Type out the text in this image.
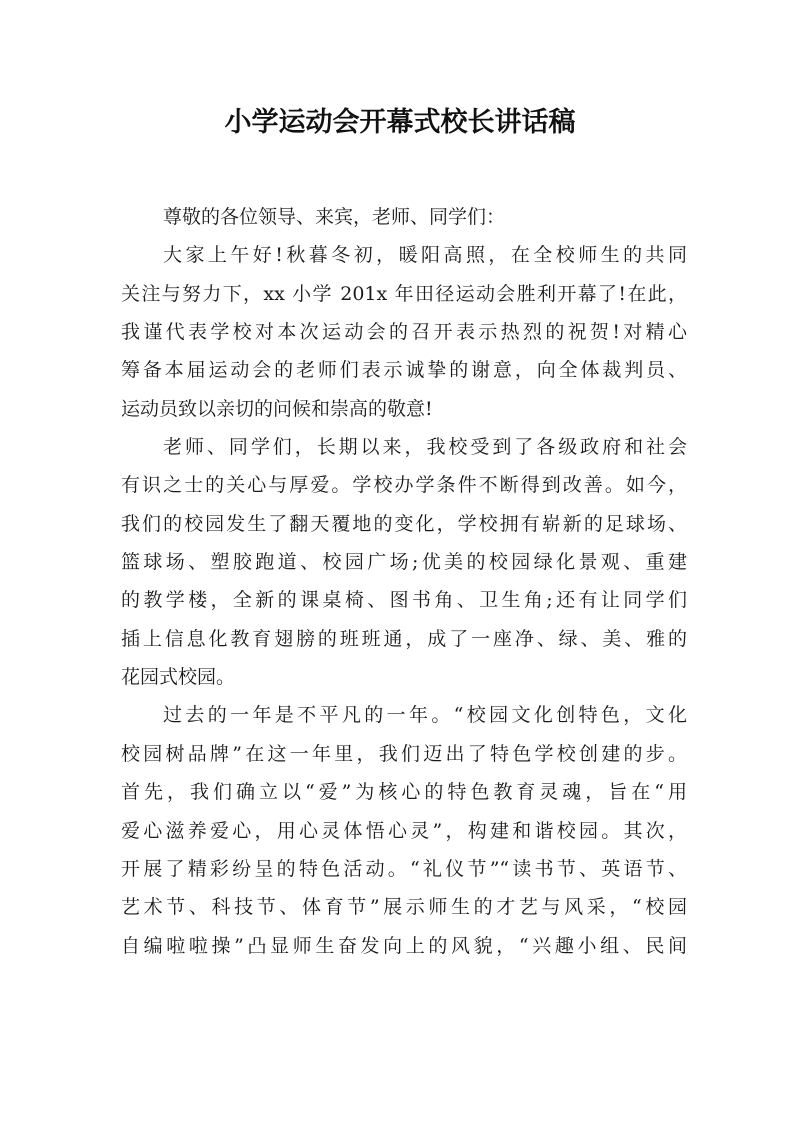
小学运动会开幕式校长讲话稿
尊敬的各位领导、来宾，老师、同学们：
大家上午好!秋暮冬初，暖阳高照，在全校师生的共同
关注与努力下，xx 小学 201x 年田径运动会胜利开幕了!在此，
我谨代表学校对本次运动会的召开表示热烈的祝贺!对精心
筹备本届运动会的老师们表示诚挚的谢意，向全体裁判员、
运动员致以亲切的问候和崇高的敬意!
老师、同学们，长期以来，我校受到了各级政府和社会
有识之士的关心与厚爱。学校办学条件不断得到改善。如今，
我们的校园发生了翻天覆地的变化，学校拥有崭新的足球场、
篮球场、塑胶跑道、校园广场;优美的校园绿化景观、重建
的教学楼，全新的课桌椅、图书角、卫生角;还有让同学们
插上信息化教育翅膀的班班通，成了一座净、绿、美、雅的
花园式校园。
过去的一年是不平凡的一年。“校园文化创特色，文化
校园树品牌”在这一年里，我们迈出了特色学校创建的步。
首先，我们确立以“爱”为核心的特色教育灵魂，旨在“用
爱心滋养爱心，用心灵体悟心灵”，构建和谐校园。其次，
开展了精彩纷呈的特色活动。“礼仪节”“读书节、英语节、
艺术节、科技节、体育节”展示师生的才艺与风采，“校园
自编啦啦操”凸显师生奋发向上的风貌，“兴趣小组、民间
